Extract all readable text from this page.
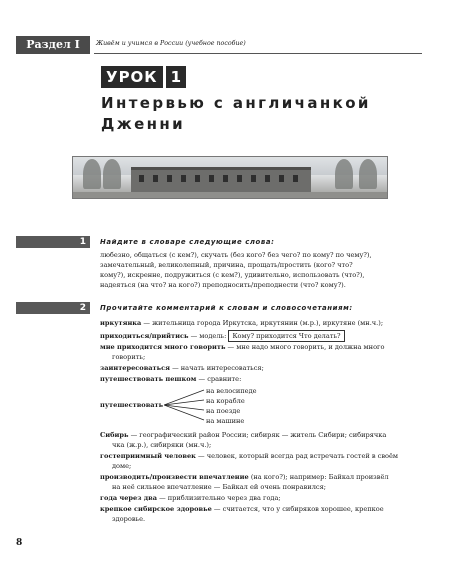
Раздел I	Живём и учимся в России (учебное пособие)
УРОК 1
Интервью с англичанкой Дженни
1 Найдите в словаре следующие слова:
любезно, общаться (с кем?), скучать (без кого? без чего? по кому? по чему?),
замечательный, великолепный, причина, прощать/простить (кого? что?
кому?), искренне, подружиться (с кем?), удивительно, использовать (что?),
надеяться (на что? на кого?) преподносить/преподнести (что? кому?).
2 Прочитайте комментарий к словам и словосочетаниям:
иркутянка — жительница города Иркутска, иркутянин (м.р.), иркутяне (мн.ч.);
приходиться/прийтись — модель: Кому? приходится Что делать?
мне приходится много говорить — мне надо много говорить, и должна много
говорить;
заинтересоваться — начать интересоваться;
путешествовать пешком — сравните:
путешествовать
на велосипеде
на корабле
на поезде
на машине
Сибирь — географический район России; сибиряк — житель Сибири; сибирячка
чка (ж.р.), сибиряки (мн.ч.);
гостеприимный человек — человек, который всегда рад встречать гостей в своём
доме;
производить/произвести впечатление (на кого?); например: Байкал произвёл
на неё сильное впечатление — Байкал ей очень понравился;
года через два — приблизительно через два года;
крепкое сибирское здоровье — считается, что у сибиряков хорошее, крепкое
здоровье.
8
